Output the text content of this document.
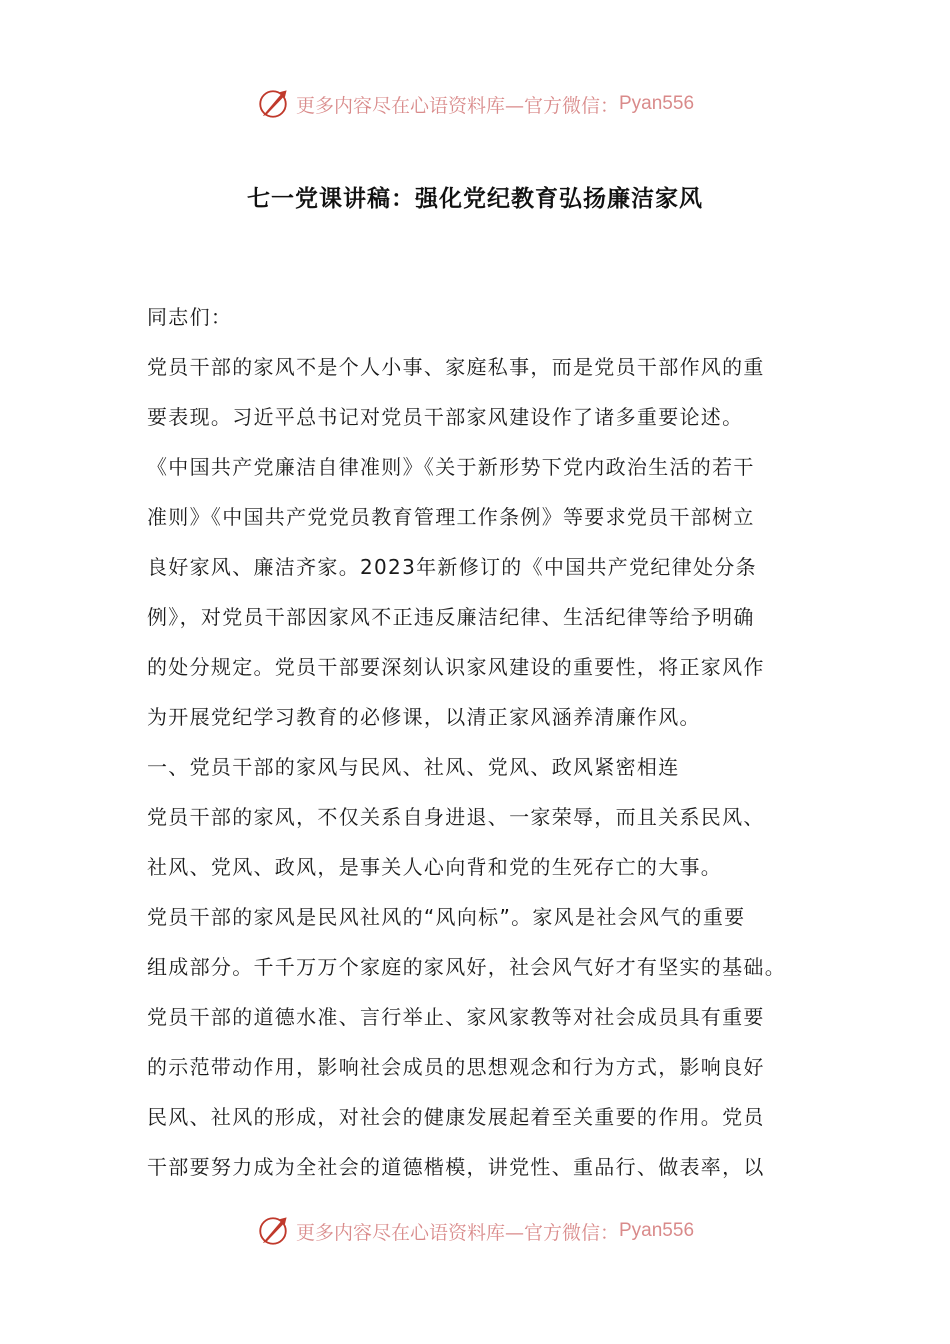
更多内容尽在心语资料库—官方微信： Pyan556
七一党课讲稿：强化党纪教育弘扬廉洁家风
同志们：
党员干部的家风不是个人小事、家庭私事，而是党员干部作风的重
要表现。习近平总书记对党员干部家风建设作了诸多重要论述。
《中国共产党廉洁自律准则》《关于新形势下党内政治生活的若干
准则》《中国共产党党员教育管理工作条例》等要求党员干部树立
良好家风、廉洁齐家。2023年新修订的《中国共产党纪律处分条
例》，对党员干部因家风不正违反廉洁纪律、生活纪律等给予明确
的处分规定。党员干部要深刻认识家风建设的重要性，将正家风作
为开展党纪学习教育的必修课，以清正家风涵养清廉作风。
一、党员干部的家风与民风、社风、党风、政风紧密相连
党员干部的家风，不仅关系自身进退、一家荣辱，而且关系民风、
社风、党风、政风，是事关人心向背和党的生死存亡的大事。
党员干部的家风是民风社风的“风向标”。家风是社会风气的重要
组成部分。千千万万个家庭的家风好，社会风气好才有坚实的基础。
党员干部的道德水准、言行举止、家风家教等对社会成员具有重要
的示范带动作用，影响社会成员的思想观念和行为方式，影响良好
民风、社风的形成，对社会的健康发展起着至关重要的作用。党员
干部要努力成为全社会的道德楷模，讲党性、重品行、做表率，以
更多内容尽在心语资料库—官方微信： Pyan556
